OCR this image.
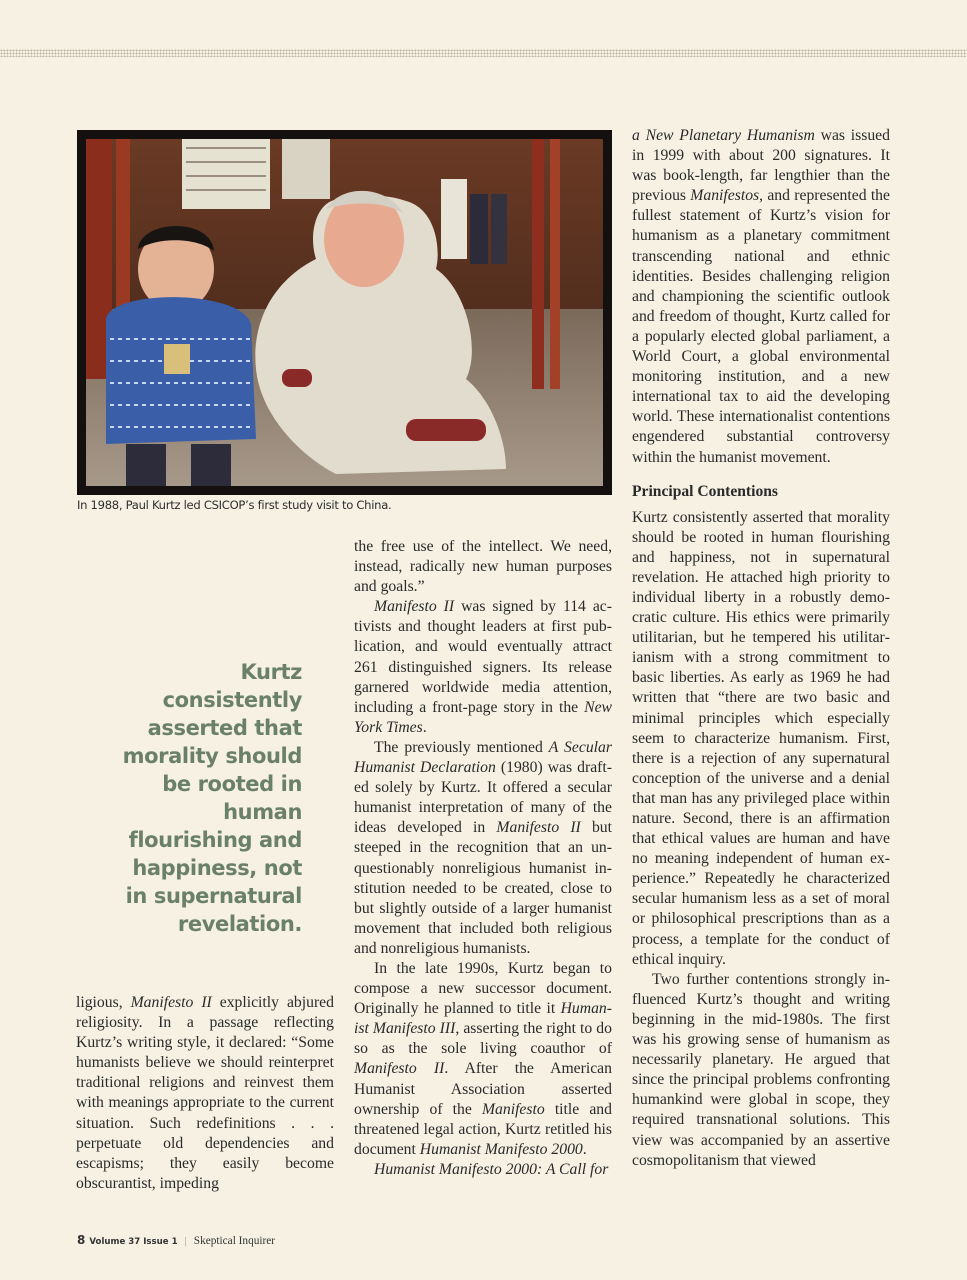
In 1988, Paul Kurtz led CSICOP’s first study visit to China.
Kurtz consistently asserted that morality should be rooted in human flourishing and happiness, not in supernatural revelation.

ligious, Manifesto II explicitly abjured religiosity. In a passage reflecting Kurtz’s writing style, it declared: “Some humanists believe we should reinterpret traditional religions and reinvest them with meanings appropriate to the current situation. Such redefinitions . . . perpetuate old dependencies and escapisms; they easily become obscurantist, impeding

the free use of the intellect. We need, instead, radically new human purposes and goals.”

Manifesto II was signed by 114 activists and thought leaders at first publication, and would eventually attract 261 distinguished signers. Its release garnered worldwide media attention, including a front-page story in the New York Times.

The previously mentioned A Secular Humanist Declaration (1980) was drafted solely by Kurtz. It offered a secular humanist interpretation of many of the ideas developed in Manifesto II but steeped in the recognition that an unquestionably nonreligious humanist institution needed to be created, close to but slightly outside of a larger humanist movement that included both religious and nonreligious humanists.

In the late 1990s, Kurtz began to compose a new successor document. Originally he planned to title it Humanist Manifesto III, asserting the right to do so as the sole living coauthor of Manifesto II. After the American Humanist Association asserted ownership of the Manifesto title and threatened legal action, Kurtz retitled his document Humanist Manifesto 2000.

Humanist Manifesto 2000: A Call for

a New Planetary Humanism was issued in 1999 with about 200 signatures. It was book-length, far lengthier than the previous Manifestos, and represented the fullest statement of Kurtz’s vision for humanism as a planetary commitment transcending national and ethnic identities. Besides challenging religion and championing the scientific outlook and freedom of thought, Kurtz called for a popularly elected global parliament, a World Court, a global environmental monitoring institution, and a new international tax to aid the developing world. These internationalist contentions engendered substantial controversy within the humanist movement.

Principal Contentions

Kurtz consistently asserted that morality should be rooted in human flourishing and happiness, not in supernatural revelation. He attached high priority to individual liberty in a robustly democratic culture. His ethics were primarily utilitarian, but he tempered his utilitarianism with a strong commitment to basic liberties. As early as 1969 he had written that “there are two basic and minimal principles which especially seem to characterize humanism. First, there is a rejection of any supernatural conception of the universe and a denial that man has any privileged place within nature. Second, there is an affirmation that ethical values are human and have no meaning independent of human experience.” Repeatedly he characterized secular humanism less as a set of moral or philosophical prescriptions than as a process, a template for the conduct of ethical inquiry.

Two further contentions strongly influenced Kurtz’s thought and writing beginning in the mid-1980s. The first was his growing sense of humanism as necessarily planetary. He argued that since the principal problems confronting humankind were global in scope, they required transnational solutions. This view was accompanied by an assertive cosmopolitanism that viewed

8 Volume 37 Issue 1 | Skeptical Inquirer
